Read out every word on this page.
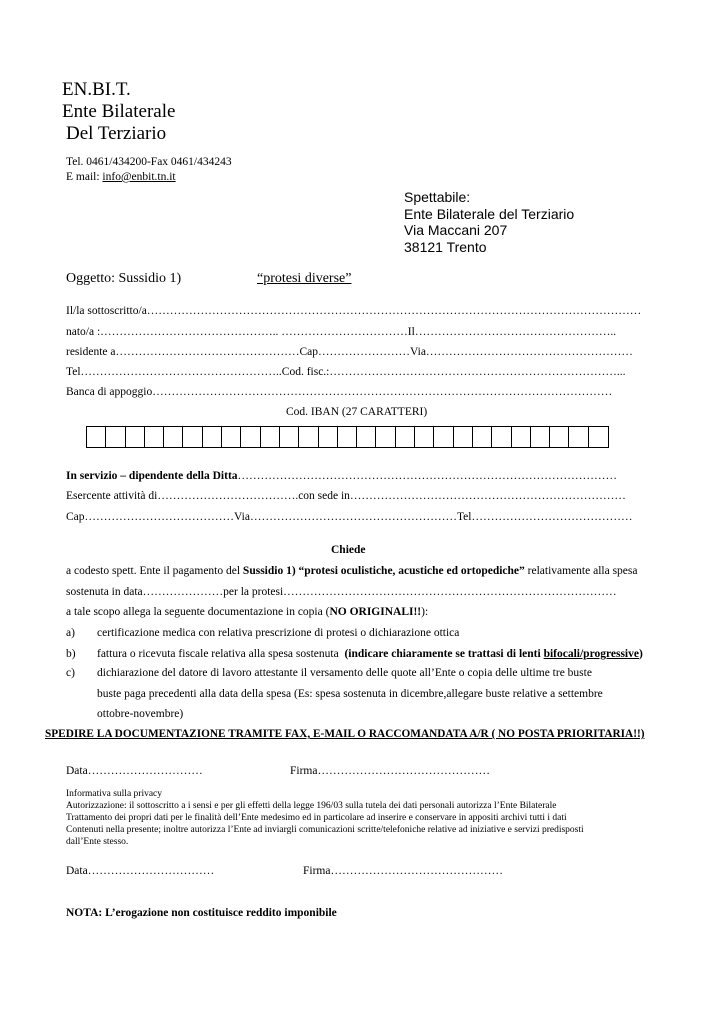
EN.BI.T.
Ente Bilaterale
Del Terziario
Tel. 0461/434200-Fax 0461/434243
E mail: info@enbit.tn.it
Spettabile:
Ente Bilaterale del Terziario
Via Maccani 207
38121 Trento
Oggetto: Sussidio 1)	“protesi diverse”
Il/la sottoscritto/a…………………………………………………………………………………………………………………
nato/a :……………………………………….. ……………………………Il……………………………………………..
residente a…………………………………………Cap……………………Via………………………………………………
Tel……………………………………………..Cod. fisc.:…………………………………………………………………...
Banca di appoggio…………………………………………………………………………………………………………
Cod. IBAN (27 CARATTERI)
In servizio – dipendente della Ditta………………………………………………………………………………………
Esercente attività di……………………………….con sede in………………………………………………………………
Cap…………………………………Via………………………………………………Tel……………………………………
Chiede
a codesto spett. Ente il pagamento del Sussidio 1) “protesi oculistiche, acustiche ed ortopediche” relativamente alla spesa
sostenuta in data…………………per la protesi……………………………………………………………………………
a tale scopo allega la seguente documentazione in copia (NO ORIGINALI!!):
a) certificazione medica con relativa prescrizione di protesi o dichiarazione ottica
b) fattura o ricevuta fiscale relativa alla spesa sostenuta (indicare chiaramente se trattasi di lenti bifocali/progressive)
c) dichiarazione del datore di lavoro attestante il versamento delle quote all’Ente o copia delle ultime tre buste
buste paga precedenti alla data della spesa (Es: spesa sostenuta in dicembre,allegare buste relative a settembre
ottobre-novembre)
SPEDIRE LA DOCUMENTAZIONE TRAMITE FAX, E-MAIL O RACCOMANDATA A/R ( NO POSTA PRIORITARIA!!)
Data…………………………	Firma………………………………………
Informativa sulla privacy
Autorizzazione: il sottoscritto a i sensi e per gli effetti della legge 196/03 sulla tutela dei dati personali autorizza l’Ente Bilaterale
Trattamento dei propri dati per le finalità dell’Ente medesimo ed in particolare ad inserire e conservare in appositi archivi tutti i dati
Contenuti nella presente; inoltre autorizza l’Ente ad inviargli comunicazioni scritte/telefoniche relative ad iniziative e servizi predisposti
dall’Ente stesso.
Data……………………………	Firma………………………………………
NOTA: L’erogazione non costituisce reddito imponibile
